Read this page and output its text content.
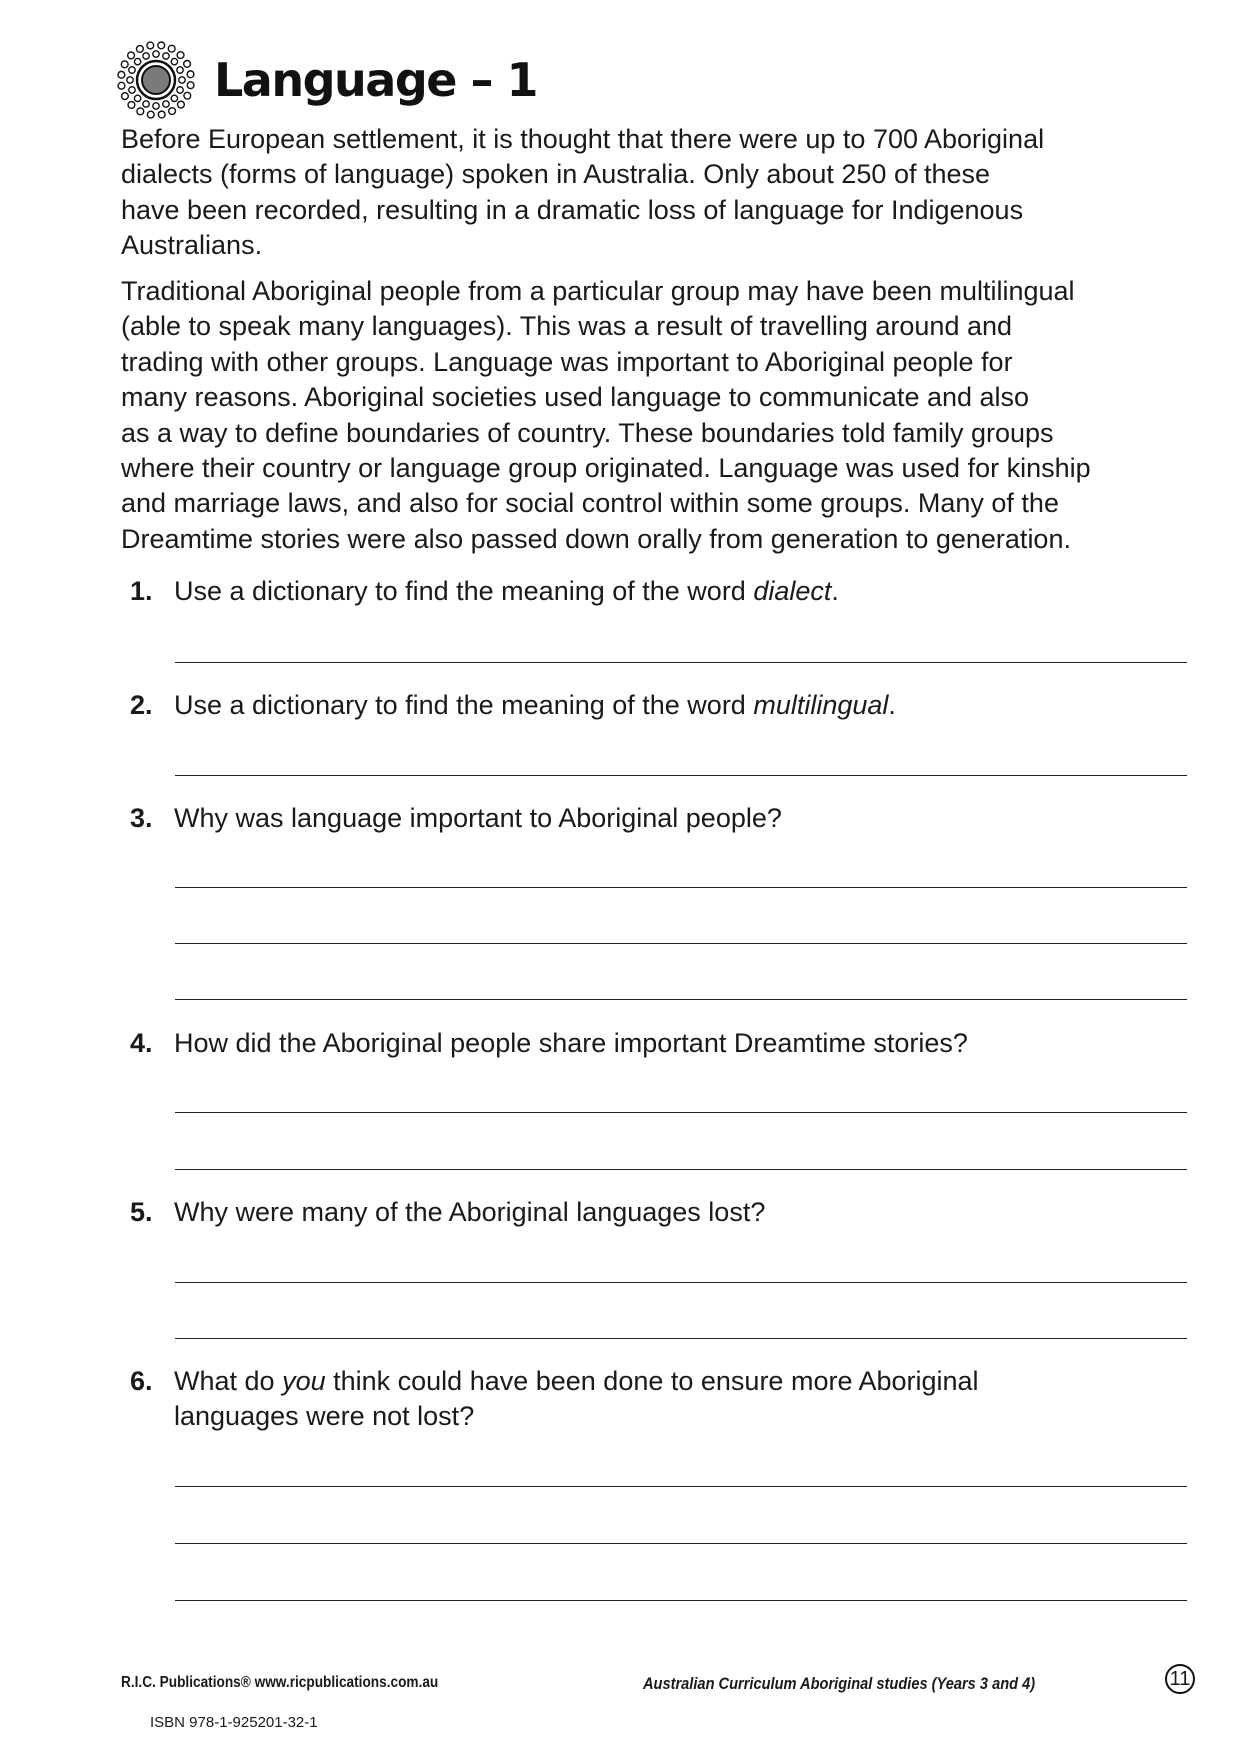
Language – 1

Before European settlement, it is thought that there were up to 700 Aboriginal
dialects (forms of language) spoken in Australia. Only about 250 of these
have been recorded, resulting in a dramatic loss of language for Indigenous
Australians.

Traditional Aboriginal people from a particular group may have been multilingual
(able to speak many languages). This was a result of travelling around and
trading with other groups. Language was important to Aboriginal people for
many reasons. Aboriginal societies used language to communicate and also
as a way to define boundaries of country. These boundaries told family groups
where their country or language group originated. Language was used for kinship
and marriage laws, and also for social control within some groups. Many of the
Dreamtime stories were also passed down orally from generation to generation.

1. Use a dictionary to find the meaning of the word dialect.
2. Use a dictionary to find the meaning of the word multilingual.
3. Why was language important to Aboriginal people?
4. How did the Aboriginal people share important Dreamtime stories?
5. Why were many of the Aboriginal languages lost?
6. What do you think could have been done to ensure more Aboriginal
languages were not lost?
R.I.C. Publications® www.ricpublications.com.au	Australian Curriculum Aboriginal studies (Years 3 and 4)	11
ISBN 978-1-925201-32-1
